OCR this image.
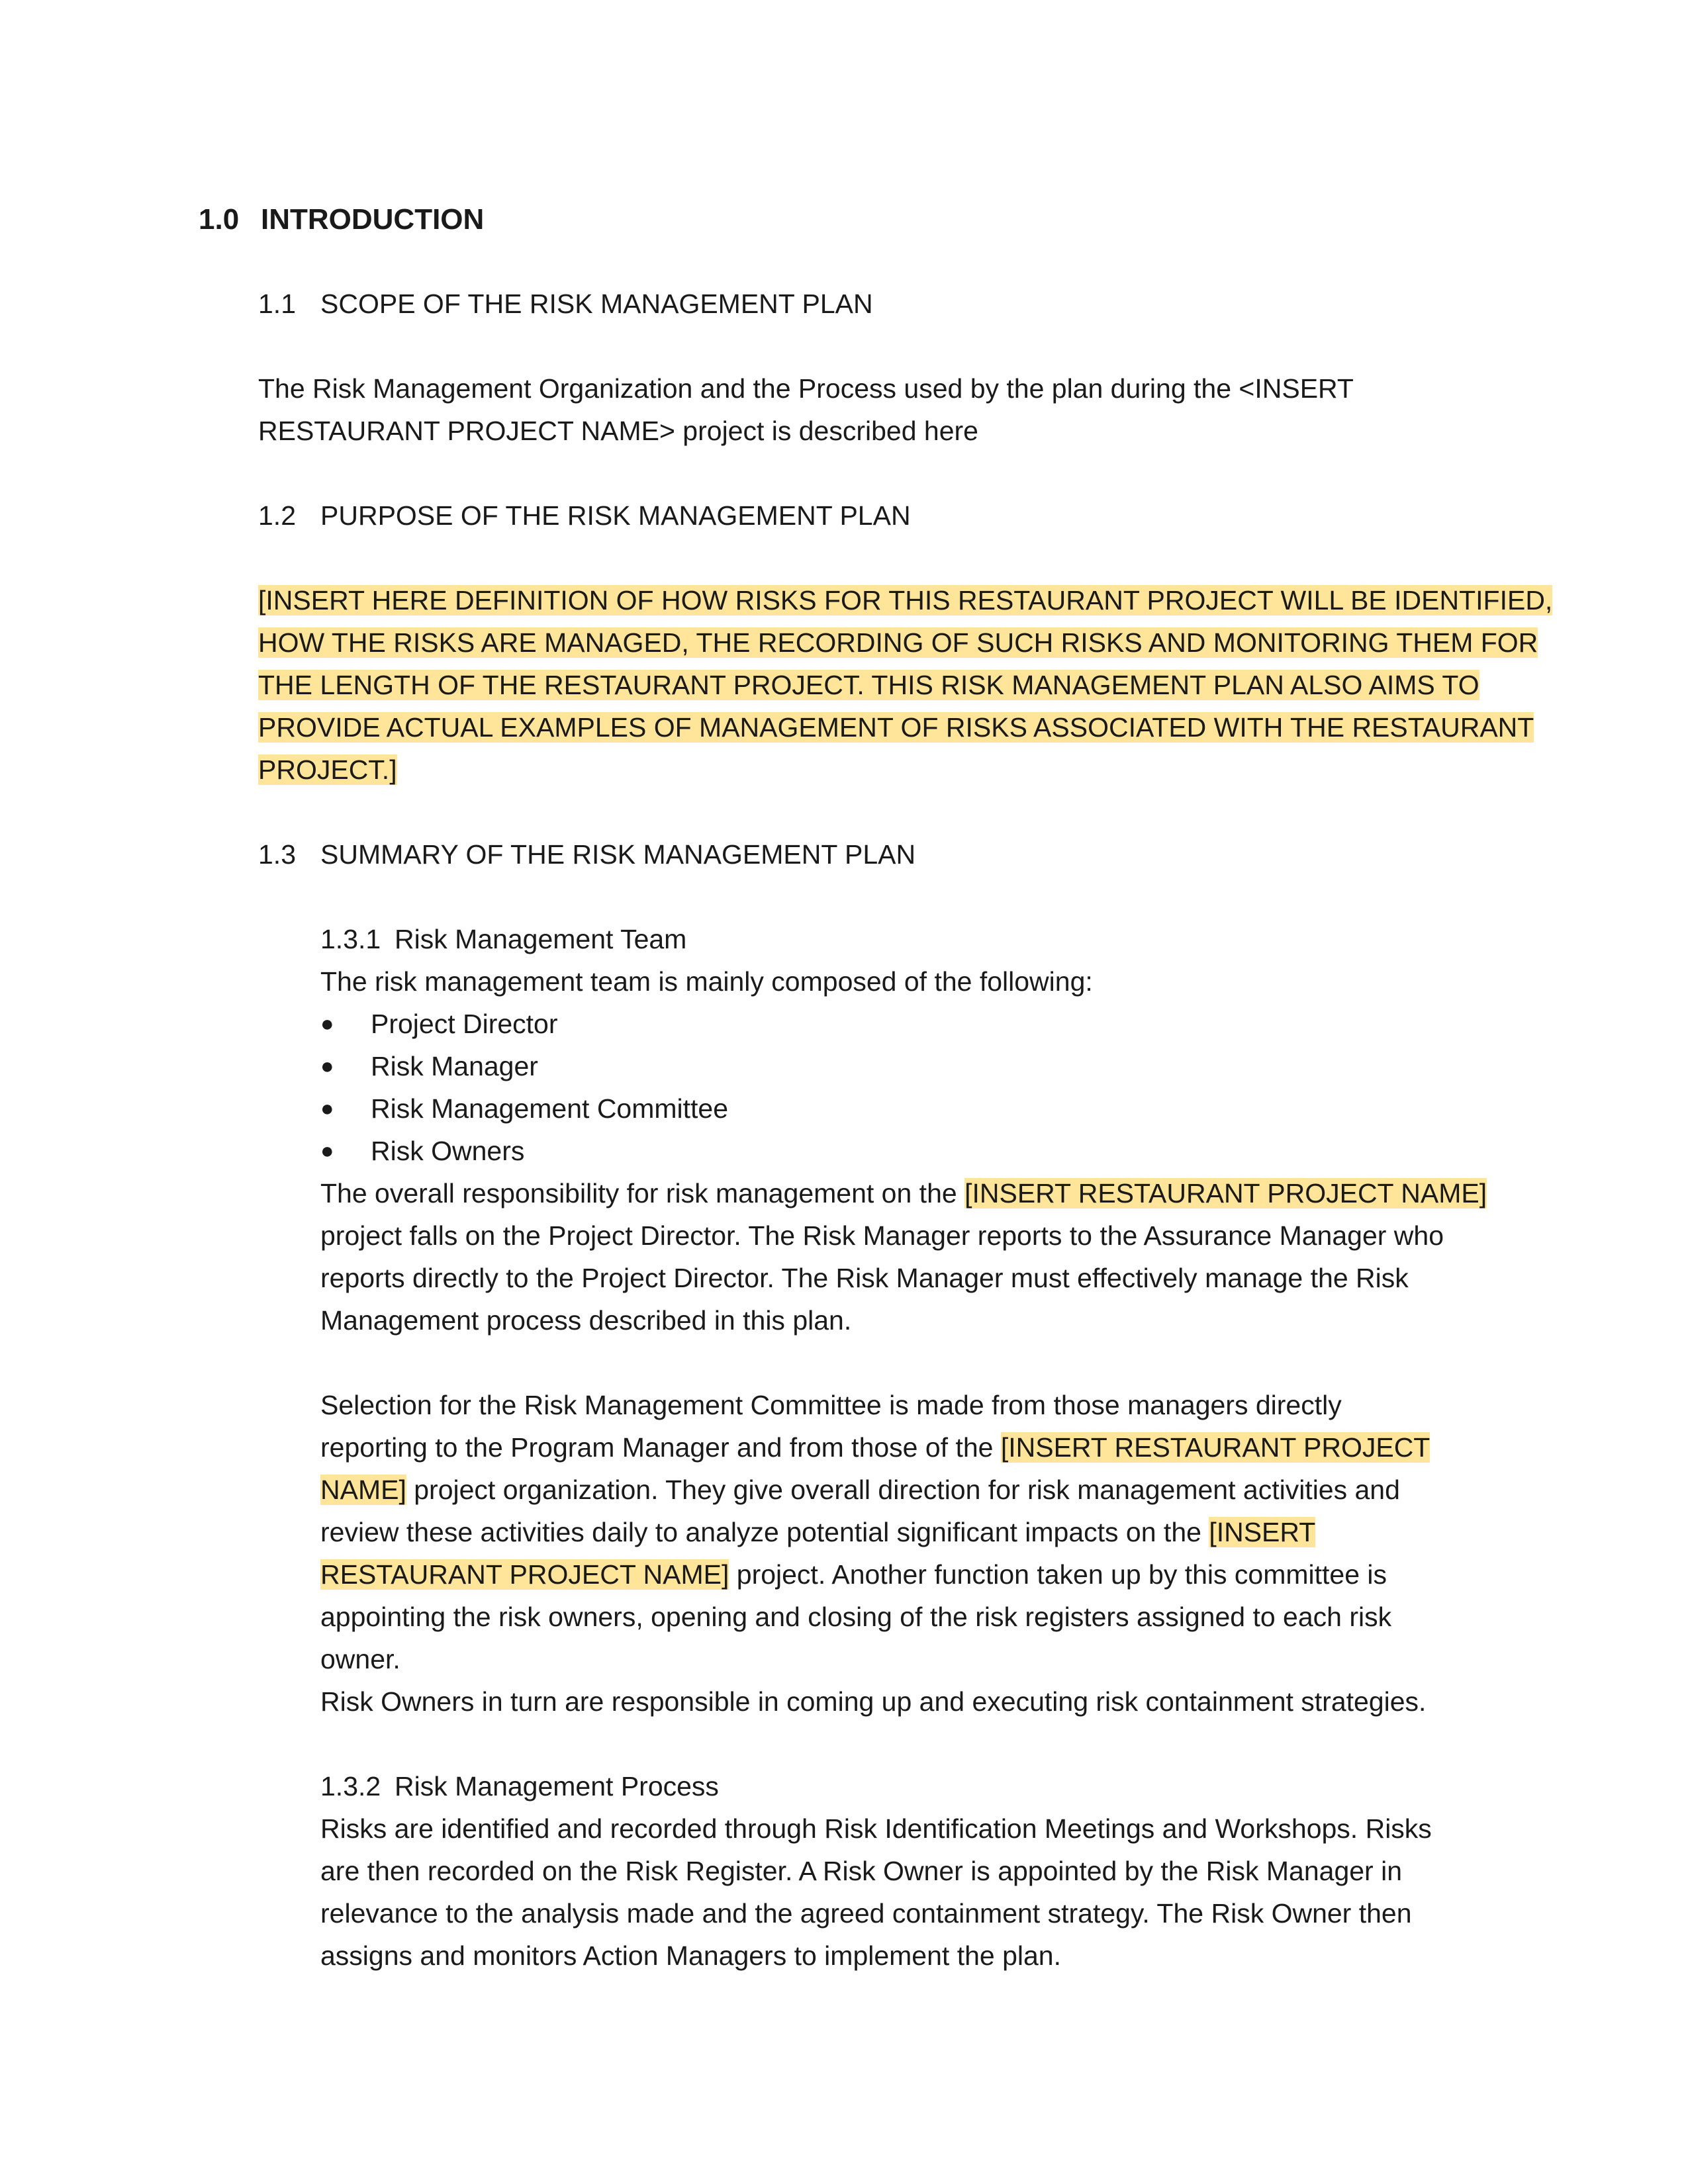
1.0 INTRODUCTION
1.1 SCOPE OF THE RISK MANAGEMENT PLAN
The Risk Management Organization and the Process used by the plan during the <INSERT
RESTAURANT PROJECT NAME> project is described here
1.2 PURPOSE OF THE RISK MANAGEMENT PLAN
[INSERT HERE DEFINITION OF HOW RISKS FOR THIS RESTAURANT PROJECT WILL BE IDENTIFIED,
HOW THE RISKS ARE MANAGED, THE RECORDING OF SUCH RISKS AND MONITORING THEM FOR
THE LENGTH OF THE RESTAURANT PROJECT. THIS RISK MANAGEMENT PLAN ALSO AIMS TO
PROVIDE ACTUAL EXAMPLES OF MANAGEMENT OF RISKS ASSOCIATED WITH THE RESTAURANT
PROJECT.]
1.3 SUMMARY OF THE RISK MANAGEMENT PLAN
1.3.1 Risk Management Team
The risk management team is mainly composed of the following:
● Project Director
● Risk Manager
● Risk Management Committee
● Risk Owners
The overall responsibility for risk management on the [INSERT RESTAURANT PROJECT NAME]
project falls on the Project Director. The Risk Manager reports to the Assurance Manager who
reports directly to the Project Director. The Risk Manager must effectively manage the Risk
Management process described in this plan.
Selection for the Risk Management Committee is made from those managers directly
reporting to the Program Manager and from those of the [INSERT RESTAURANT PROJECT
NAME] project organization. They give overall direction for risk management activities and
review these activities daily to analyze potential significant impacts on the [INSERT
RESTAURANT PROJECT NAME] project. Another function taken up by this committee is
appointing the risk owners, opening and closing of the risk registers assigned to each risk
owner.
Risk Owners in turn are responsible in coming up and executing risk containment strategies.
1.3.2 Risk Management Process
Risks are identified and recorded through Risk Identification Meetings and Workshops. Risks
are then recorded on the Risk Register. A Risk Owner is appointed by the Risk Manager in
relevance to the analysis made and the agreed containment strategy. The Risk Owner then
assigns and monitors Action Managers to implement the plan.
